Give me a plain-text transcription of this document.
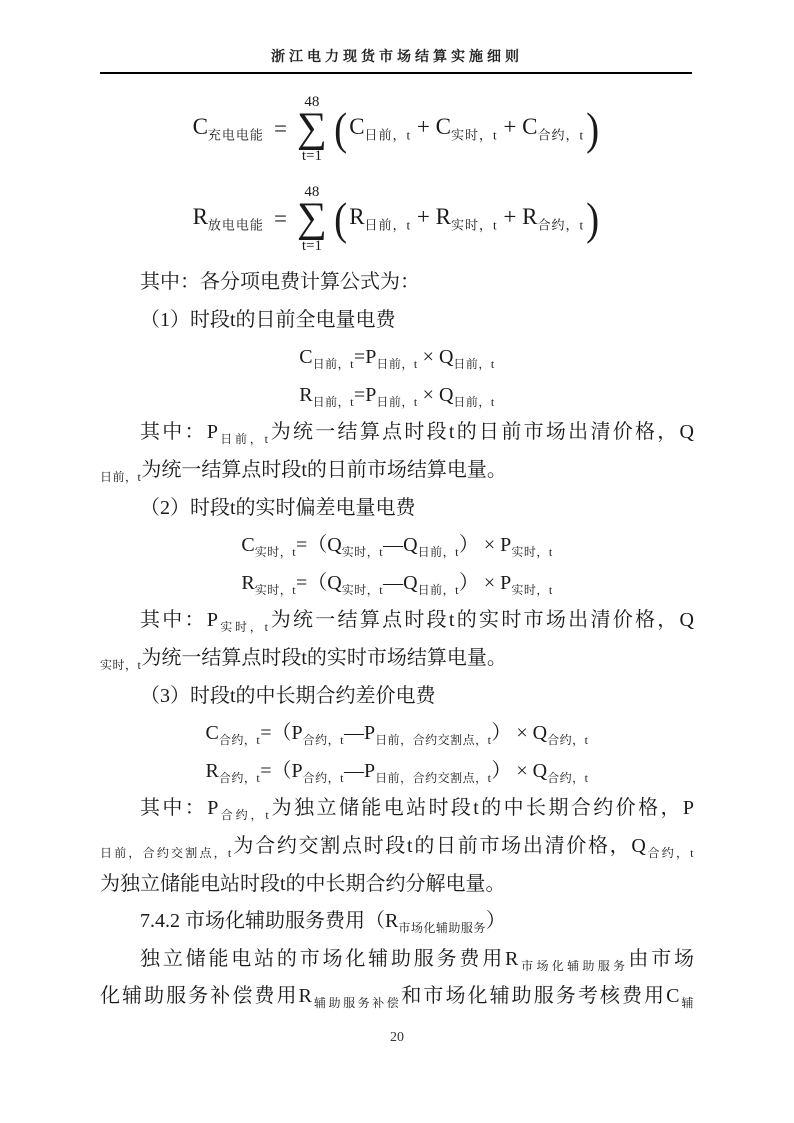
浙江电力现货市场结算实施细则
$C_{充电电能}$ =
48
∑
t=1
( $C_{日前,t} + C_{实时,t} + C_{合约,t}$ )
$R_{放电电能}$ =
48
∑
t=1
( $R_{日前,t} + R_{实时,t} + R_{合约,t}$ )
其中：各分项电费计算公式为：
（1）时段t的日前全电量电费
$C_{日前,t}=P_{日前,t} \times Q_{日前,t}$
$R_{日前,t}=P_{日前,t} \times Q_{日前,t}$
其中：$P_{日前,t}$为统一结算点时段t的日前市场出清价格，Q
$_{日前,t}$为统一结算点时段t的日前市场结算电量。
（2）时段t的实时偏差电量电费
$C_{实时,t}=(Q_{实时,t}—Q_{日前,t}) \times P_{实时,t}$
$R_{实时,t}=(Q_{实时,t}—Q_{日前,t}) \times P_{实时,t}$
其中：$P_{实时,t}$为统一结算点时段t的实时市场出清价格，Q
$_{实时,t}$为统一结算点时段t的实时市场结算电量。
（3）时段t的中长期合约差价电费
$C_{合约,t}=(P_{合约,t}—P_{日前,合约交割点,t}) \times Q_{合约,t}$
$R_{合约,t}=(P_{合约,t}—P_{日前,合约交割点,t}) \times Q_{合约,t}$
其中：$P_{合约,t}$为独立储能电站时段t的中长期合约价格，P
$_{日前,合约交割点,t}$为合约交割点时段t的日前市场出清价格，$Q_{合约,t}$
为独立储能电站时段t的中长期合约分解电量。
7.4.2 市场化辅助服务费用$(R_{市场化辅助服务})$
独立储能电站的市场化辅助服务费用$R_{市场化辅助服务}$由市场
化辅助服务补偿费用$R_{辅助服务补偿}$和市场化辅助服务考核费用$C_辅$
20
